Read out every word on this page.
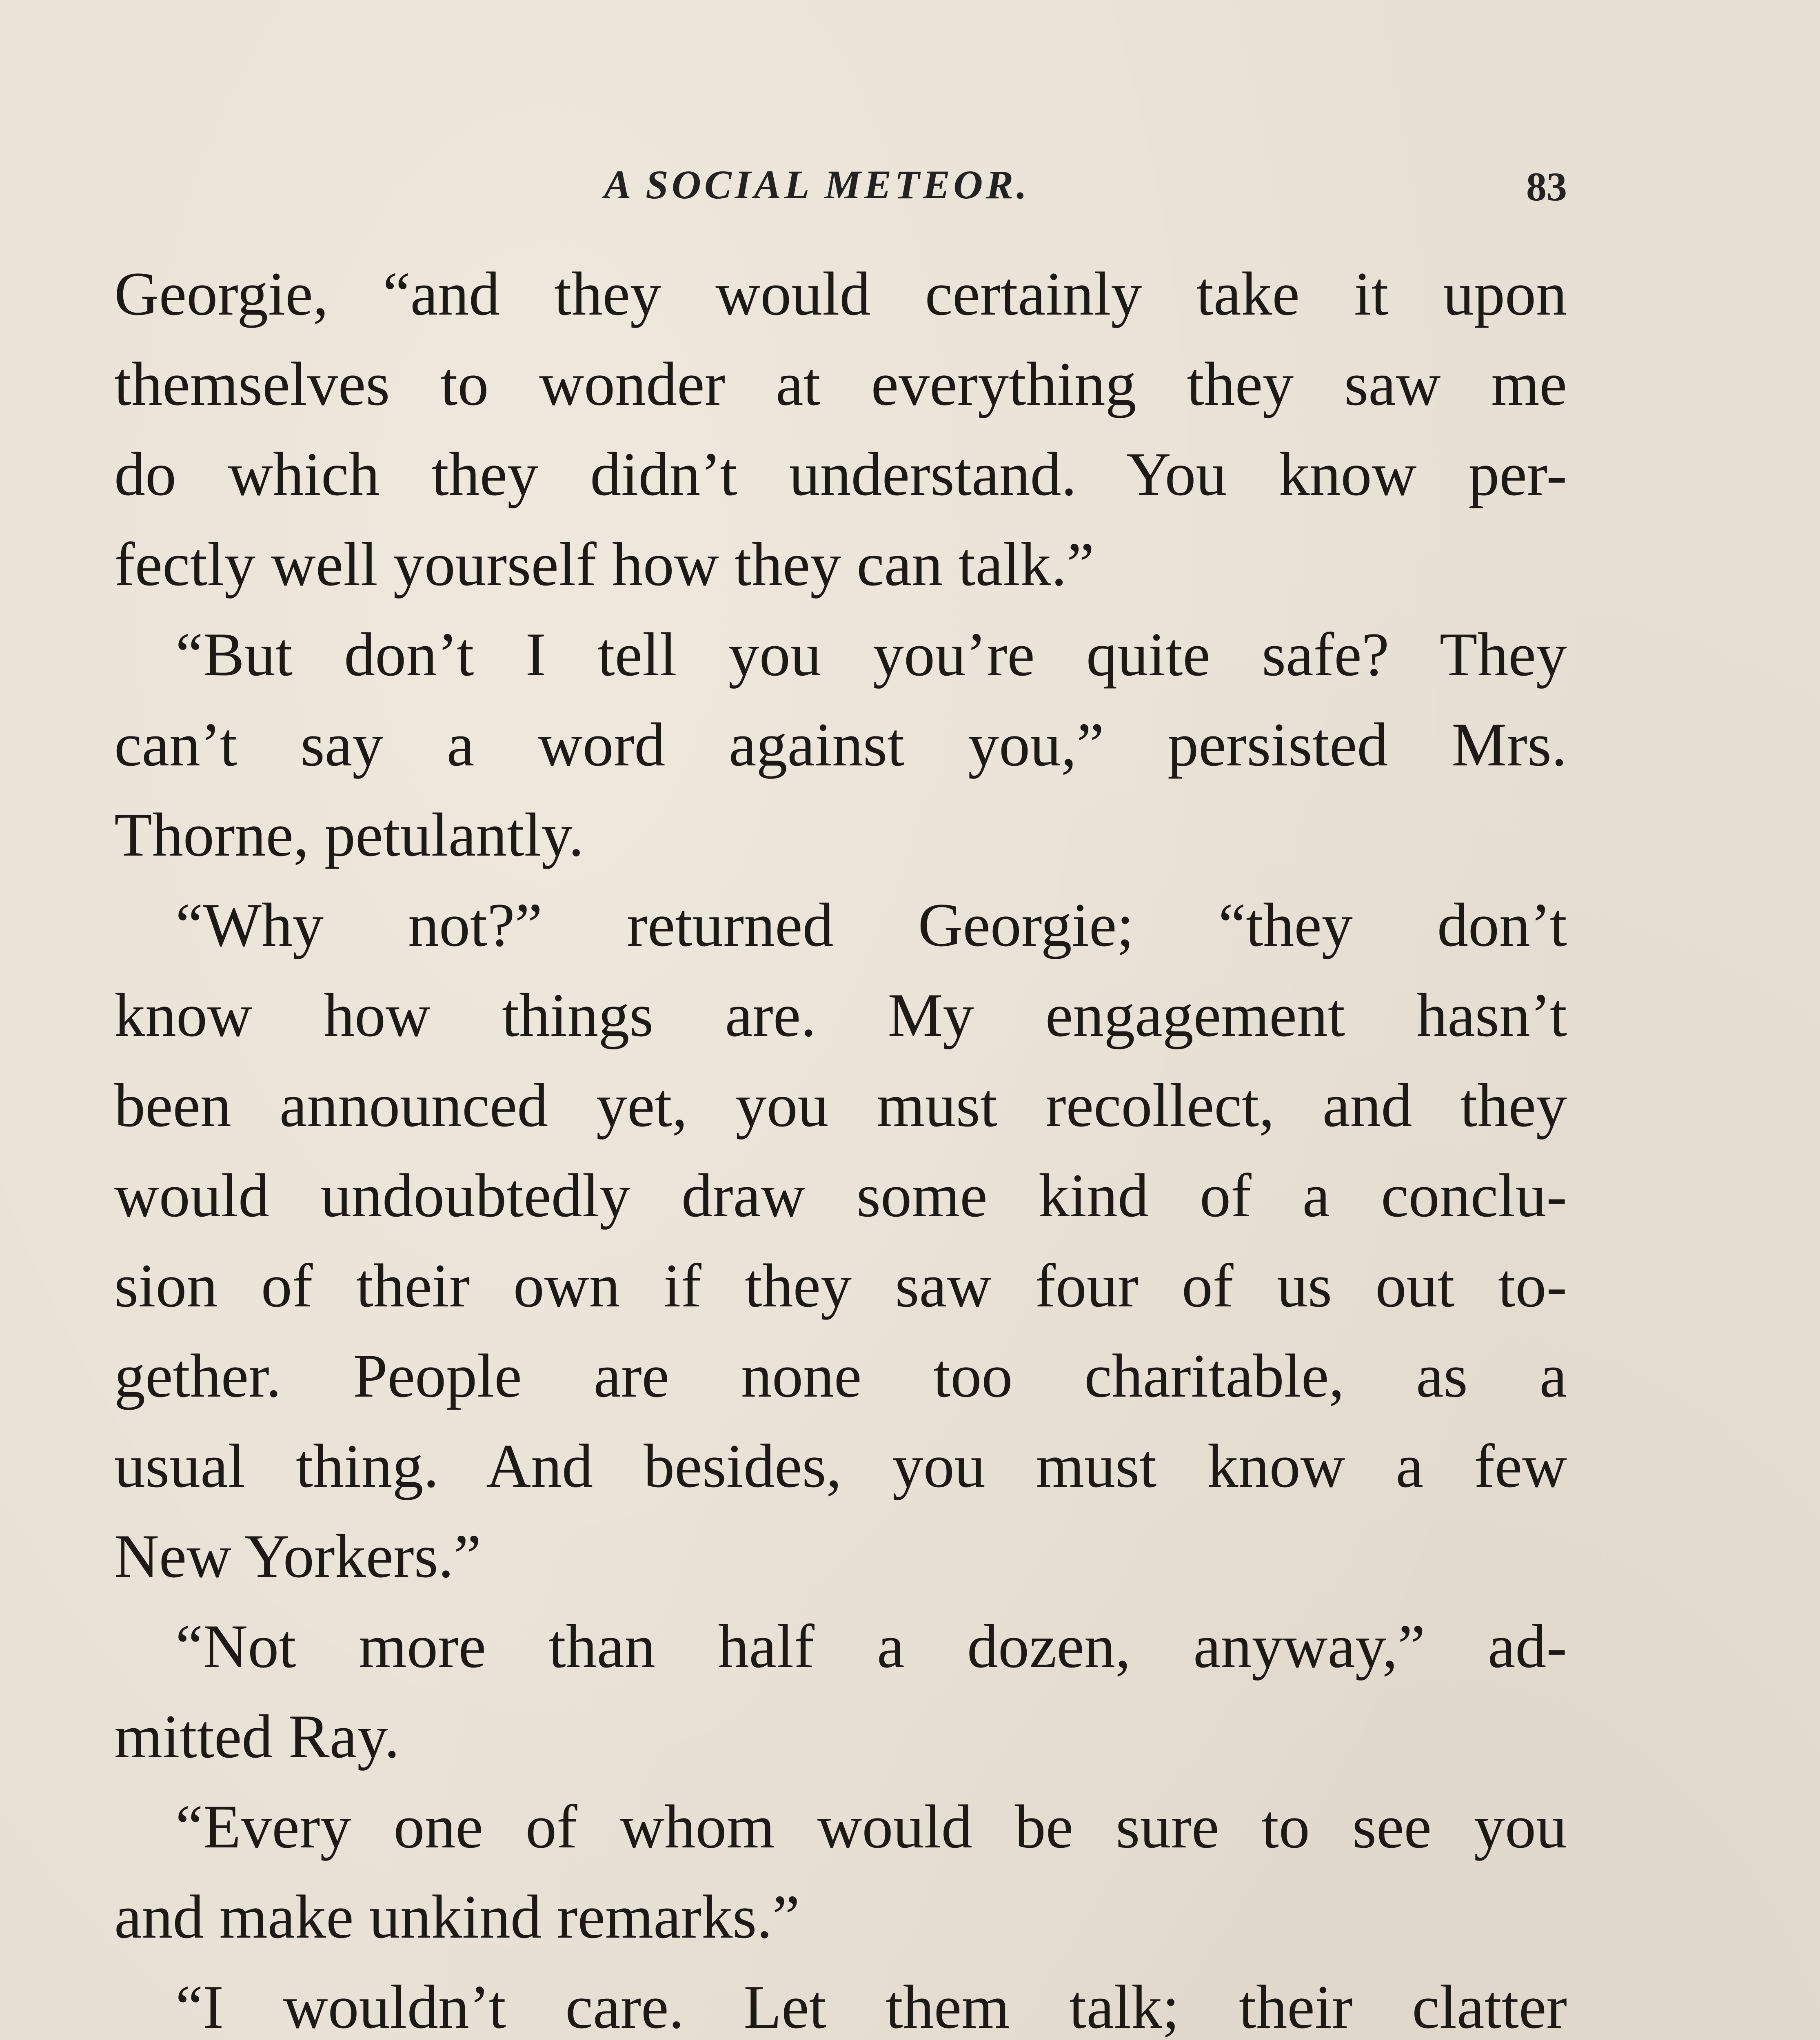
A SOCIAL METEOR.	83
Georgie, “and they would certainly take it upon
themselves to wonder at everything they saw me
do which they didn’t understand. You know per-
fectly well yourself how they can talk.”
“But don’t I tell you you’re quite safe? They
can’t say a word against you,” persisted Mrs.
Thorne, petulantly.
“Why not?” returned Georgie; “they don’t
know how things are. My engagement hasn’t
been announced yet, you must recollect, and they
would undoubtedly draw some kind of a conclu-
sion of their own if they saw four of us out to-
gether. People are none too charitable, as a
usual thing. And besides, you must know a few
New Yorkers.”
“Not more than half a dozen, anyway,” ad-
mitted Ray.
“Every one of whom would be sure to see you
and make unkind remarks.”
“I wouldn’t care. Let them talk; their clatter
